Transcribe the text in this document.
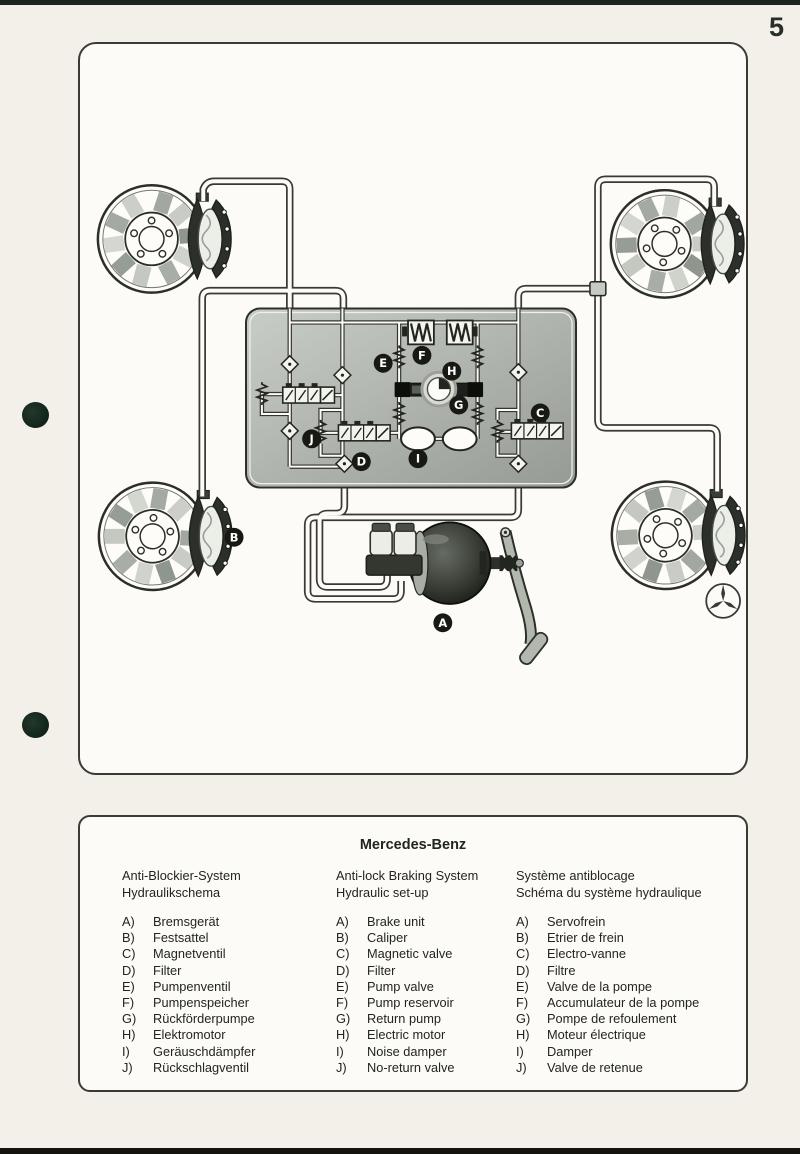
5
A
B
C
D
E
F
G
H
I
J
Mercedes-Benz
Anti-Blockier-System
Hydraulikschema
A)	Bremsgerät
B)	Festsattel
C)	Magnetventil
D)	Filter
E)	Pumpenventil
F)	Pumpenspeicher
G)	Rückförderpumpe
H)	Elektromotor
I)	Geräuschdämpfer
J)	Rückschlagventil
Anti-lock Braking System
Hydraulic set-up
A)	Brake unit
B)	Caliper
C)	Magnetic valve
D)	Filter
E)	Pump valve
F)	Pump reservoir
G)	Return pump
H)	Electric motor
I)	Noise damper
J)	No-return valve
Système antiblocage
Schéma du système hydraulique
A)	Servofrein
B)	Etrier de frein
C)	Electro-vanne
D)	Filtre
E)	Valve de la pompe
F)	Accumulateur de la pompe
G)	Pompe de refoulement
H)	Moteur électrique
I)	Damper
J)	Valve de retenue
